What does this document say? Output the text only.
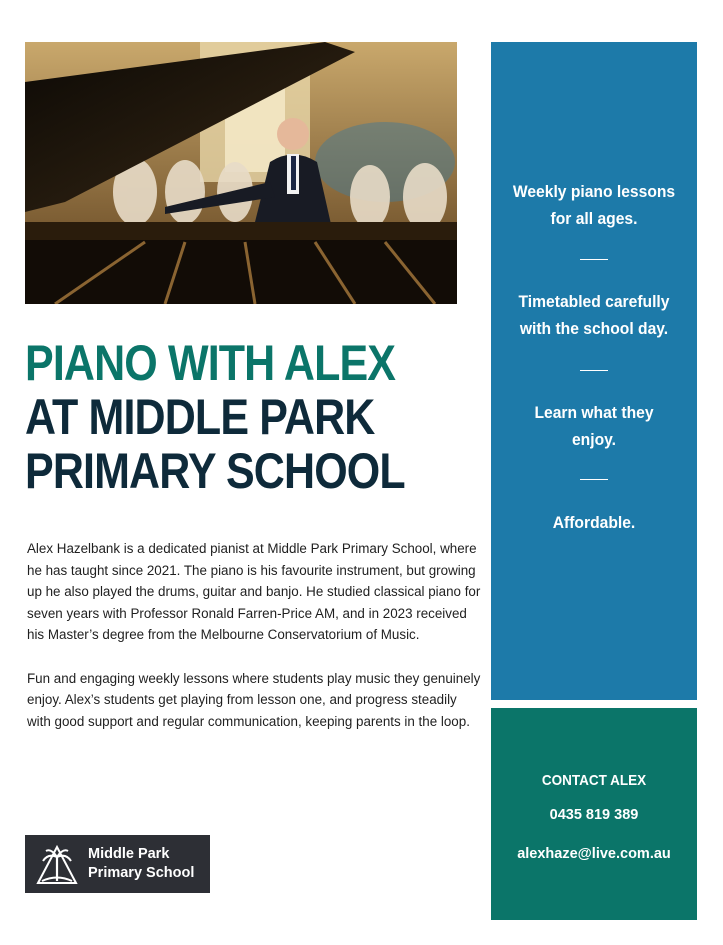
PIANO WITH ALEX
AT MIDDLE PARK
PRIMARY SCHOOL

Alex Hazelbank is a dedicated pianist at Middle Park Primary School, where he has taught since 2021. The piano is his favourite instrument, but growing up he also played the drums, guitar and banjo. He studied classical piano for seven years with Professor Ronald Farren-Price AM, and in 2023 received his Master’s degree from the Melbourne Conservatorium of Music.

Fun and engaging weekly lessons where students play music they genuinely enjoy. Alex’s students get playing from lesson one, and progress steadily with good support and regular communication, keeping parents in the loop.

Middle Park
Primary School
Weekly piano lessons
for all ages.
Timetabled carefully
with the school day.
Learn what they
enjoy.
Affordable.
CONTACT ALEX
0435 819 389
alexhaze@live.com.au
